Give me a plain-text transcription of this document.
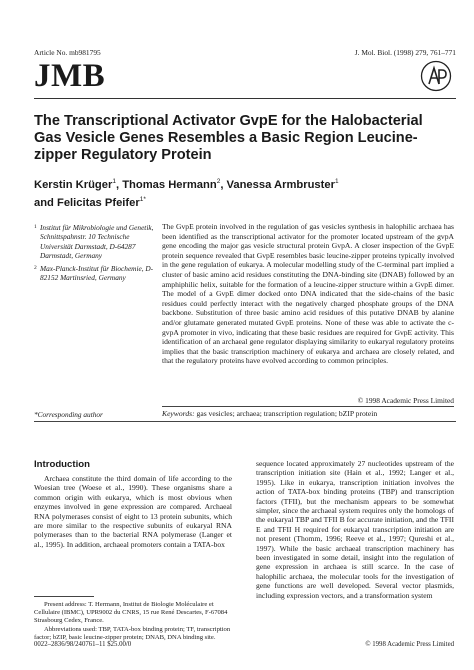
Article No. mb981795	J. Mol. Biol. (1998) 279, 761–771
JMB
The Transcriptional Activator GvpE for the Halobacterial Gas Vesicle Genes Resembles a Basic Region Leucine-zipper Regulatory Protein
Kerstin Krüger$^1$, Thomas Hermann$^2$, Vanessa Armbruster$^1$
and Felicitas Pfeifer$^{1*}$
1 Institut für Mikrobiologie und Genetik, Schnittspahnstr. 10 Technische Universität Darmstadt, D-64287 Darmstadt, Germany
2 Max-Planck-Institut für Biochemie, D-82152 Martinsried, Germany
*Corresponding author
The GvpE protein involved in the regulation of gas vesicles synthesis in halophilic archaea has been identified as the transcriptional activator for the promoter located upstream of the gvpA gene encoding the major gas vesicle structural protein GvpA. A closer inspection of the GvpE protein sequence revealed that GvpE resembles basic leucine-zipper proteins typically involved in the gene regulation of eukarya. A molecular modelling study of the C-terminal part implied a cluster of basic amino acid residues constituting the DNA-binding site (DNAB) followed by an amphiphilic helix, suitable for the formation of a leucine-zipper structure within a GvpE dimer. The model of a GvpE dimer docked onto DNA indicated that the side-chains of the basic residues could perfectly interact with the negatively charged phosphate groups of the DNA backbone. Substitution of three basic amino acid residues of this putative DNAB by alanine and/or glutamate generated mutated GvpE proteins. None of these was able to activate the c-gvpA promoter in vivo, indicating that these basic residues are required for GvpE activity. This identification of an archaeal gene regulator displaying similarity to eukaryal regulatory proteins implies that the basic transcription machinery of eukarya and archaea are closely related, and that the regulatory proteins have evolved according to common principles.
© 1998 Academic Press Limited
Keywords: gas vesicles; archaea; transcription regulation; bZIP protein
Introduction
Archaea constitute the third domain of life according to the Woesian tree (Woese et al., 1990). These organisms share a common origin with eukarya, which is most obvious when enzymes involved in gene expression are compared. Archaeal RNA polymerases consist of eight to 13 protein subunits, which are more similar to the respective subunits of eukaryal RNA polymerases than to the bacterial RNA polymerase (Langer et al., 1995). In addition, archaeal promoters contain a TATA-box
sequence located approximately 27 nucleotides upstream of the transcription initiation site (Hain et al., 1992; Langer et al., 1995). Like in eukarya, transcription initiation involves the action of TATA-box binding proteins (TBP) and transcription factors (TFII), but the mechanism appears to be somewhat simpler, since the archaeal system requires only the homologs of the eukaryal TBP and TFII B for accurate initiation, and the TFII E and TFII H required for eukaryal transcription initiation are not present (Thomm, 1996; Reeve et al., 1997; Qureshi et al., 1997). While the basic archaeal transcription machinery has been investigated in some detail, insight into the regulation of gene expression in archaea is still scarce. In the case of halophilic archaea, the molecular tools for the investigation of gene functions are well developed. Several vector plasmids, including expression vectors, and a transformation system

Present address: T. Hermann, Institut de Biologie Moléculaire et Cellulaire (IBMC), UPR9002 du CNRS, 15 rue René Descartes, F-67084 Strasbourg Cedex, France.

Abbreviations used: TBP, TATA-box binding protein; TF, transcription factor; bZIP, basic leucine-zipper protein; DNAB, DNA binding site.

0022–2836/98/240761–11 $25.00/0	© 1998 Academic Press Limited
